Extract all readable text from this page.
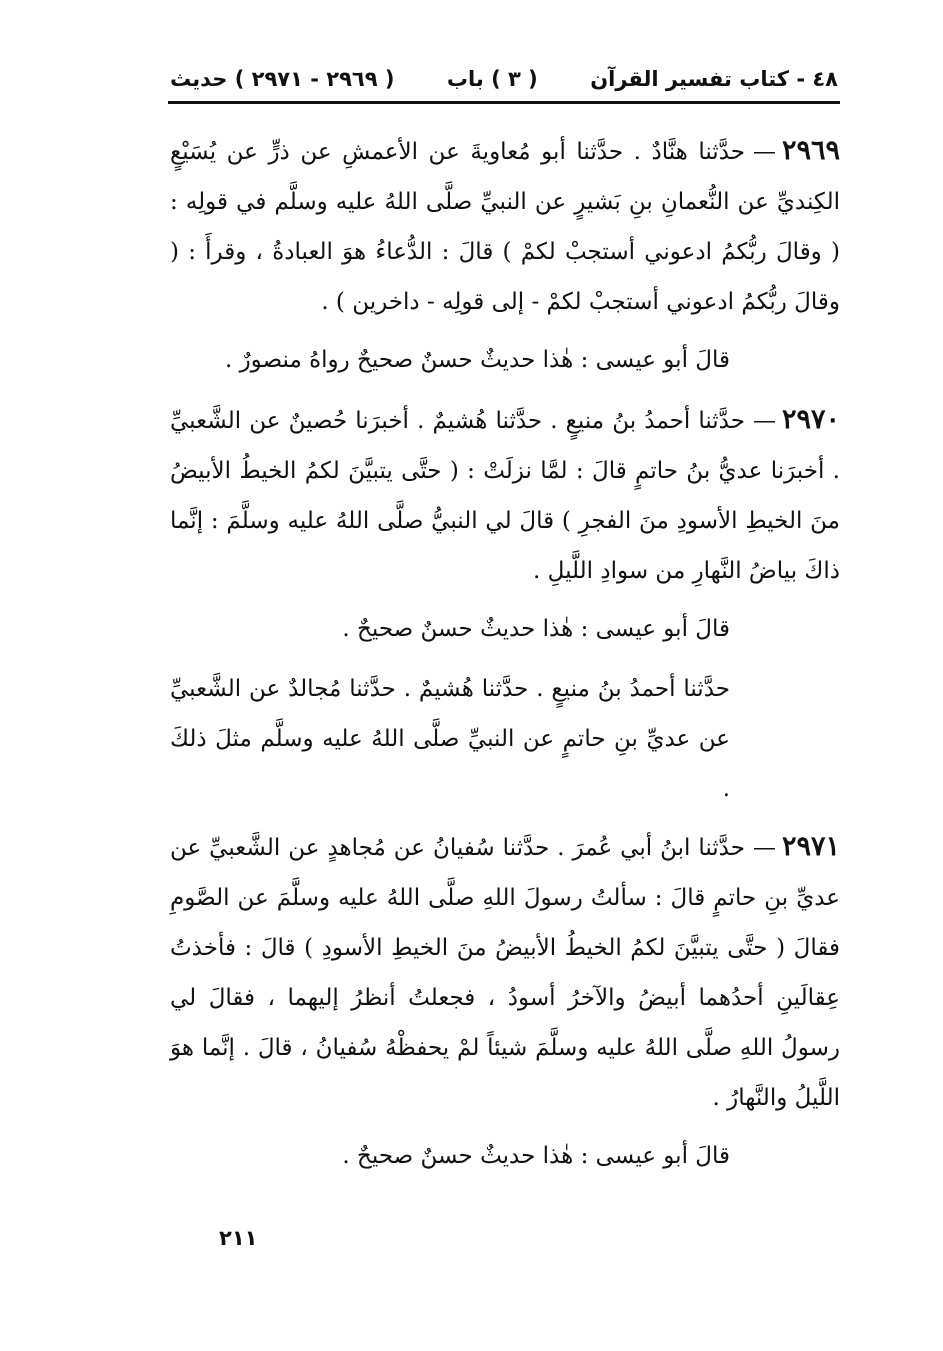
٤٨ - كتاب تفسير القرآن
( ٣ ) باب
( ٢٩٦٩ - ٢٩٧١ ) حديث

٢٩٦٩—حدَّثنا هنَّادٌ . حدَّثنا أبو مُعاويةَ عن الأعمشِ عن ذرٍّ عن يُسَيْعٍ الكِنديِّ عن النُّعمانِ بنِ بَشيرٍ عن النبيِّ صلَّى اللهُ عليه وسلَّم في قولِه : ( وقالَ ربُّكمُ ادعوني أستجبْ لكمْ ) قالَ : الدُّعاءُ هوَ العبادةُ ، وقرأَ : ( وقالَ ربُّكمُ ادعوني أستجبْ لكمْ - إلى قولِه - داخرين ) .

قالَ أبو عيسى : هٰذا حديثٌ حسنٌ صحيحٌ رواهُ منصورٌ .

٢٩٧٠—حدَّثنا أحمدُ بنُ منيعٍ . حدَّثنا هُشيمٌ . أخبرَنا حُصينٌ عن الشَّعبيِّ . أخبرَنا عديُّ بنُ حاتمٍ قالَ : لمَّا نزلَتْ : ( حتَّى يتبيَّنَ لكمُ الخيطُ الأبيضُ منَ الخيطِ الأسودِ منَ الفجرِ ) قالَ لي النبيُّ صلَّى اللهُ عليه وسلَّمَ : إنَّما ذاكَ بياضُ النَّهارِ من سوادِ اللَّيلِ .

قالَ أبو عيسى : هٰذا حديثٌ حسنٌ صحيحٌ .

حدَّثنا أحمدُ بنُ منيعٍ . حدَّثنا هُشيمٌ . حدَّثنا مُجالدٌ عن الشَّعبيِّ عن عديِّ بنِ حاتمٍ عن النبيِّ صلَّى اللهُ عليه وسلَّم مثلَ ذلكَ .

٢٩٧١—حدَّثنا ابنُ أبي عُمرَ . حدَّثنا سُفيانُ عن مُجاهدٍ عن الشَّعبيِّ عن عديِّ بنِ حاتمٍ قالَ : سألتُ رسولَ اللهِ صلَّى اللهُ عليه وسلَّمَ عن الصَّومِ فقالَ ( حتَّى يتبيَّنَ لكمُ الخيطُ الأبيضُ منَ الخيطِ الأسودِ ) قالَ : فأخذتُ عِقالَينِ أحدُهما أبيضُ والآخرُ أسودُ ، فجعلتُ أنظرُ إليهما ، فقالَ لي رسولُ اللهِ صلَّى اللهُ عليه وسلَّمَ شيئاً لمْ يحفظْهُ سُفيانُ ، قالَ . إنَّما هوَ اللَّيلُ والنَّهارُ .

قالَ أبو عيسى : هٰذا حديثٌ حسنٌ صحيحٌ .

٢١١
